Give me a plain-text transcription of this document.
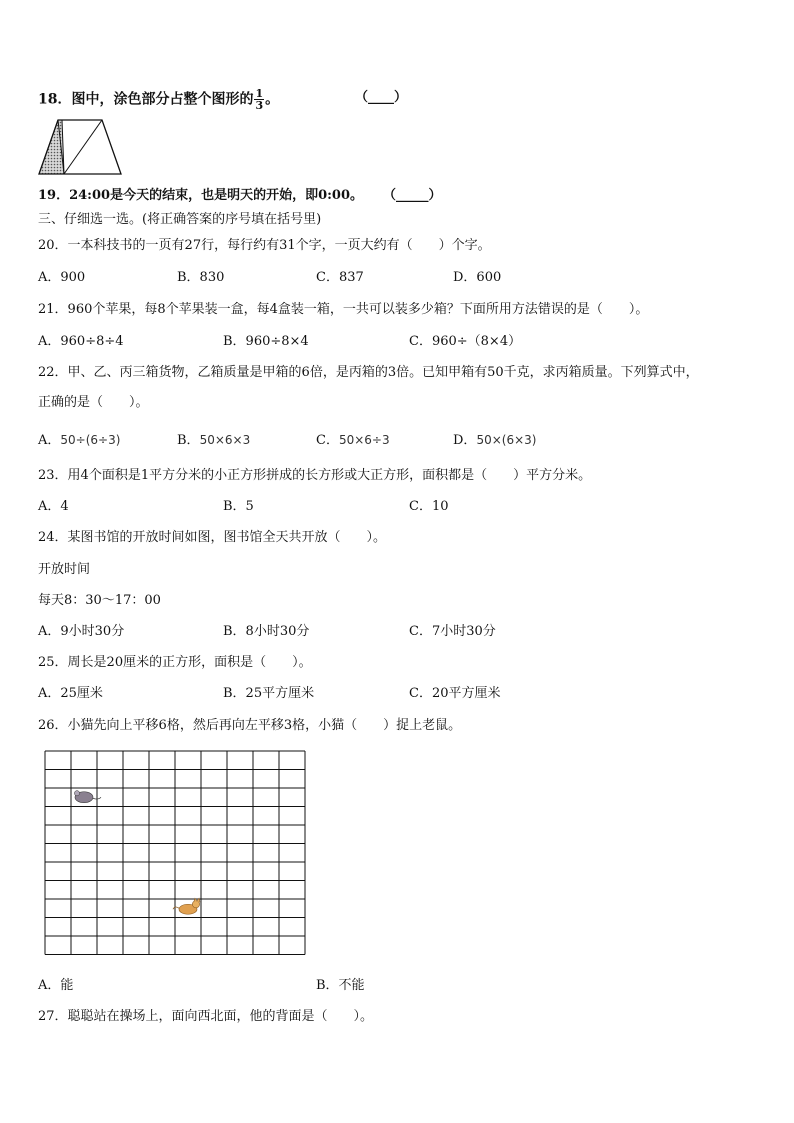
18．图中，涂色部分占整个图形的 $\frac{1}{3}$ 。	（____）
19．24:00是今天的结束，也是明天的开始，即0:00。 （_____）
三、仔细选一选。(将正确答案的序号填在括号里)
20．一本科技书的一页有27行，每行约有31个字，一页大约有（　　）个字。
A．900	B．830	C．837	D．600
21．960个苹果，每8个苹果装一盒，每4盒装一箱，一共可以装多少箱？下面所用方法错误的是（　　）。
A．960÷8÷4	B．960÷8×4	C．960÷（8×4）
22．甲、乙、丙三箱货物，乙箱质量是甲箱的6倍，是丙箱的3倍。已知甲箱有50千克，求丙箱质量。下列算式中，
正确的是（　　）。
A．50÷(6÷3)	B．50×6×3	C．50×6÷3	D．50×(6×3)
23．用4个面积是1平方分米的小正方形拼成的长方形或大正方形，面积都是（　　）平方分米。
A．4	B．5	C．10
24．某图书馆的开放时间如图，图书馆全天共开放（　　）。
开放时间
每天8：30～17：00
A．9小时30分	B．8小时30分	C．7小时30分
25．周长是20厘米的正方形，面积是（　　）。
A．25厘米	B．25平方厘米	C．20平方厘米
26．小猫先向上平移6格，然后再向左平移3格，小猫（　　）捉上老鼠。
A．能	B．不能
27．聪聪站在操场上，面向西北面，他的背面是（　　）。
